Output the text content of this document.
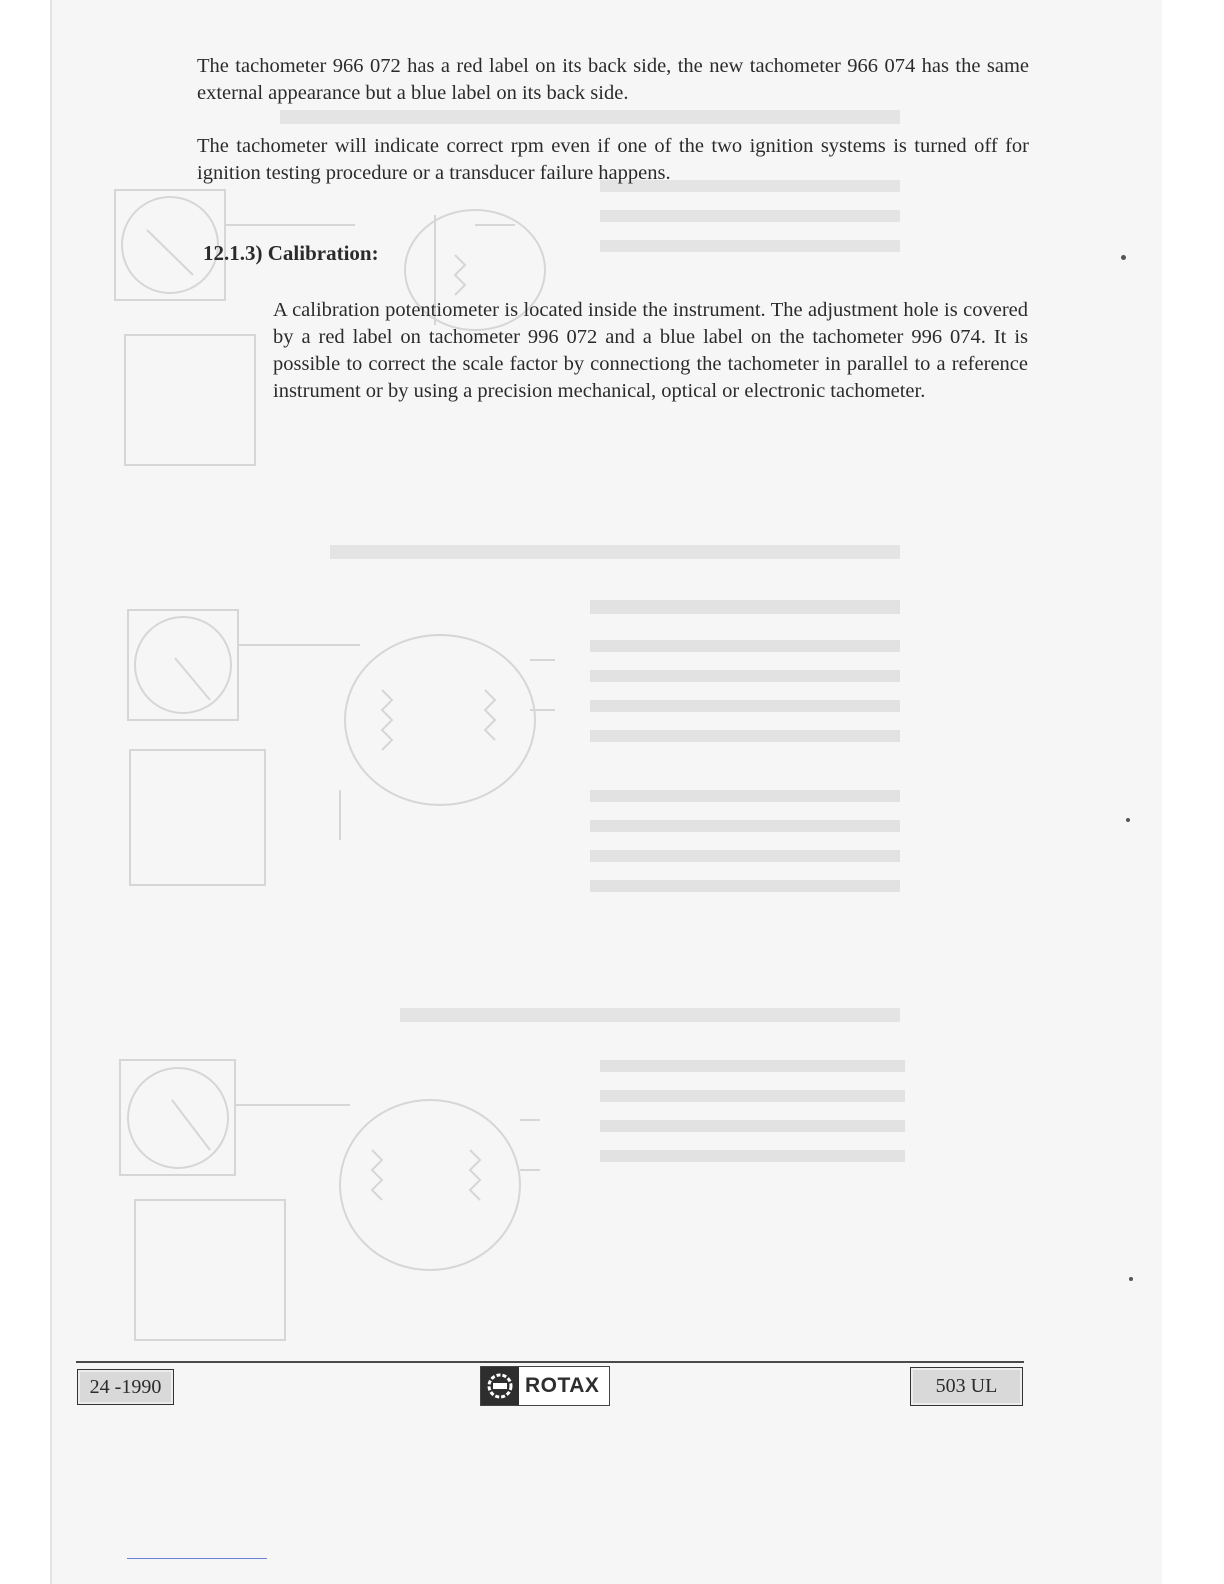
The tachometer 966 072 has a red label on its back side, the new tachometer 966 074 has the same external appearance but a blue label on its back side.

The tachometer will indicate correct rpm even if one of the two ignition systems is turned off for ignition testing procedure or a transducer failure happens.

12.1.3) Calibration:

A calibration potentiometer is located inside the instrument. The adjustment hole is covered by a red label on tachometer 996 072 and a blue label on the tachometer 996 074. It is possible to correct the scale factor by connectiong the tachometer in parallel to a reference instrument or by using a precision mechanical, optical or electronic tachometer.

24 -1990	ROTAX	503 UL
